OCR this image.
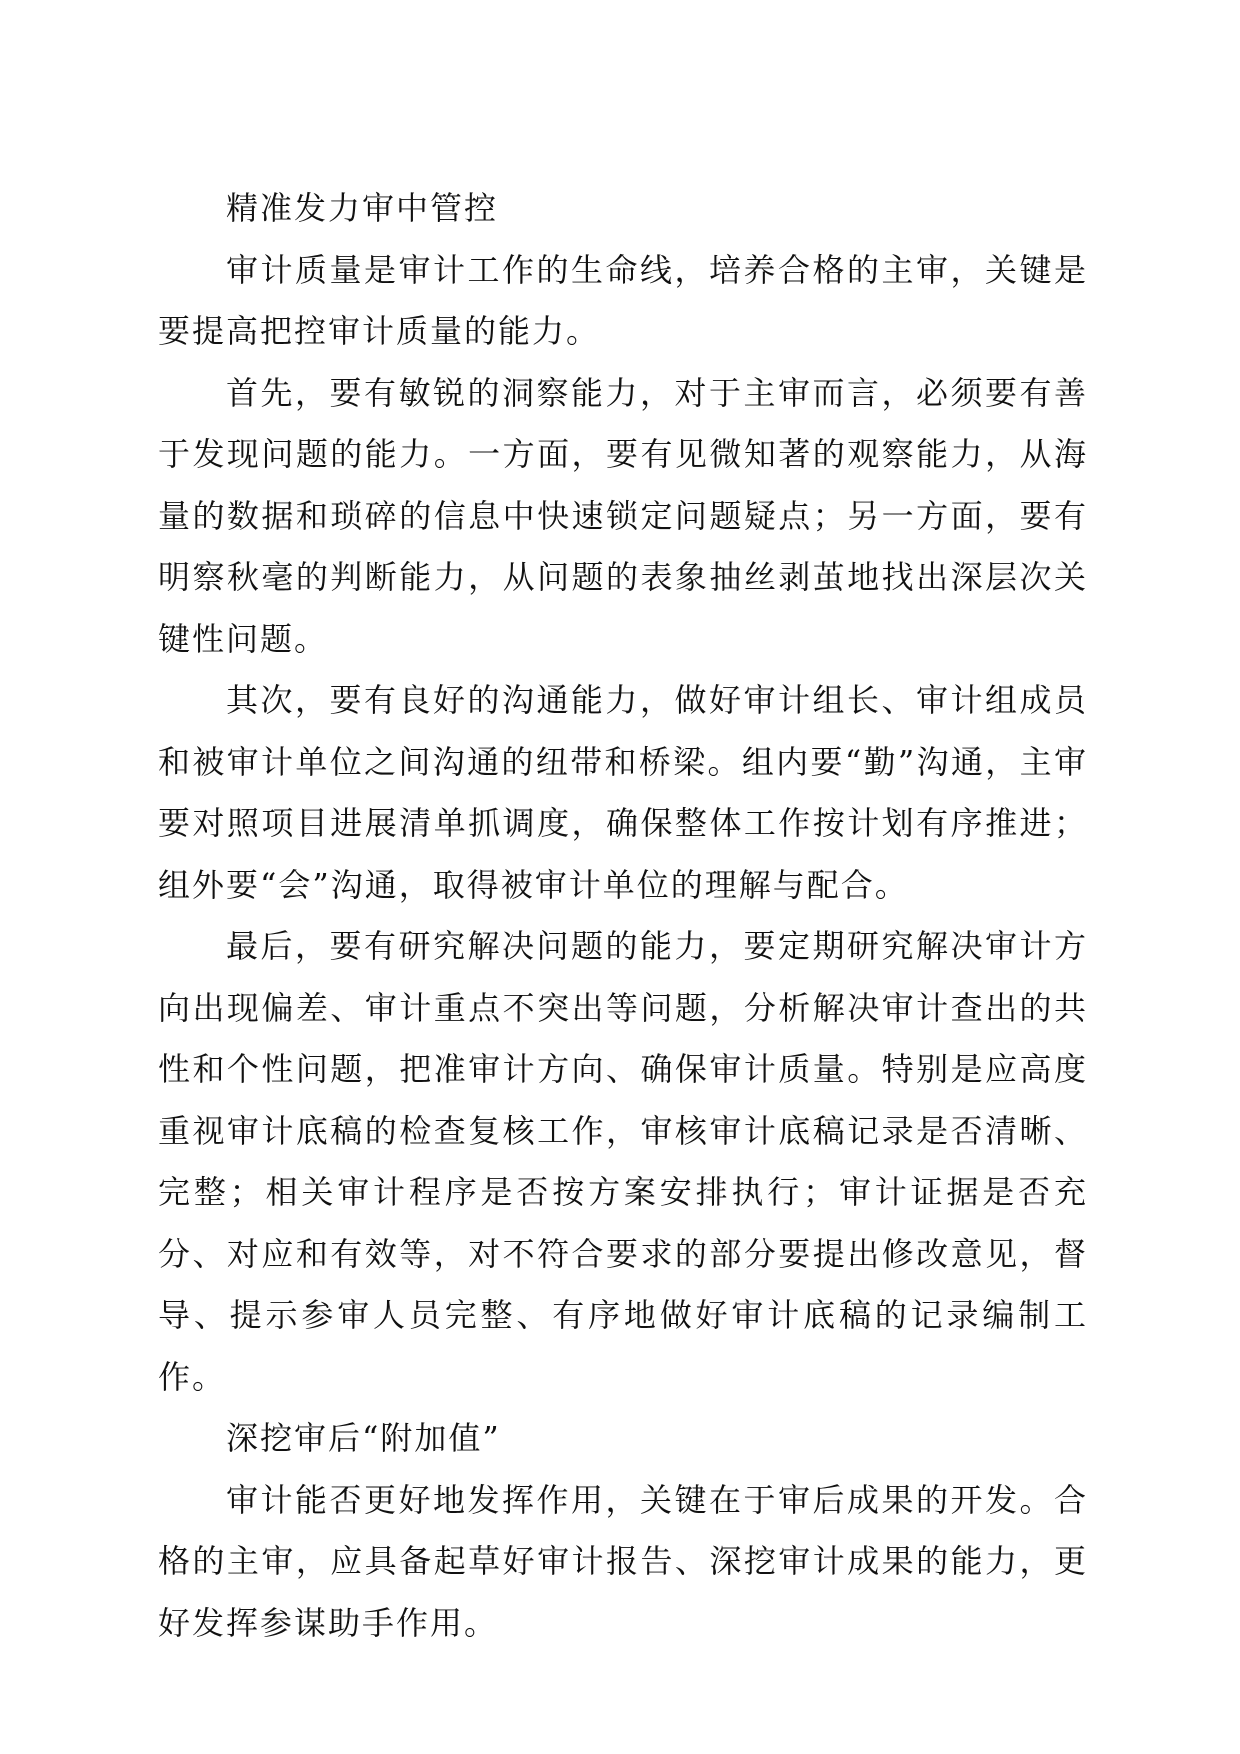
精准发力审中管控

审计质量是审计工作的生命线，培养合格的主审，关键是要提高把控审计质量的能力。

首先，要有敏锐的洞察能力，对于主审而言，必须要有善于发现问题的能力。一方面，要有见微知著的观察能力，从海量的数据和琐碎的信息中快速锁定问题疑点；另一方面，要有明察秋毫的判断能力，从问题的表象抽丝剥茧地找出深层次关键性问题。

其次，要有良好的沟通能力，做好审计组长、审计组成员和被审计单位之间沟通的纽带和桥梁。组内要“勤”沟通，主审要对照项目进展清单抓调度，确保整体工作按计划有序推进；组外要“会”沟通，取得被审计单位的理解与配合。

最后，要有研究解决问题的能力，要定期研究解决审计方向出现偏差、审计重点不突出等问题，分析解决审计查出的共性和个性问题，把准审计方向、确保审计质量。特别是应高度重视审计底稿的检查复核工作，审核审计底稿记录是否清晰、完整；相关审计程序是否按方案安排执行；审计证据是否充分、对应和有效等，对不符合要求的部分要提出修改意见，督导、提示参审人员完整、有序地做好审计底稿的记录编制工作。

深挖审后“附加值”

审计能否更好地发挥作用，关键在于审后成果的开发。合格的主审，应具备起草好审计报告、深挖审计成果的能力，更好发挥参谋助手作用。
